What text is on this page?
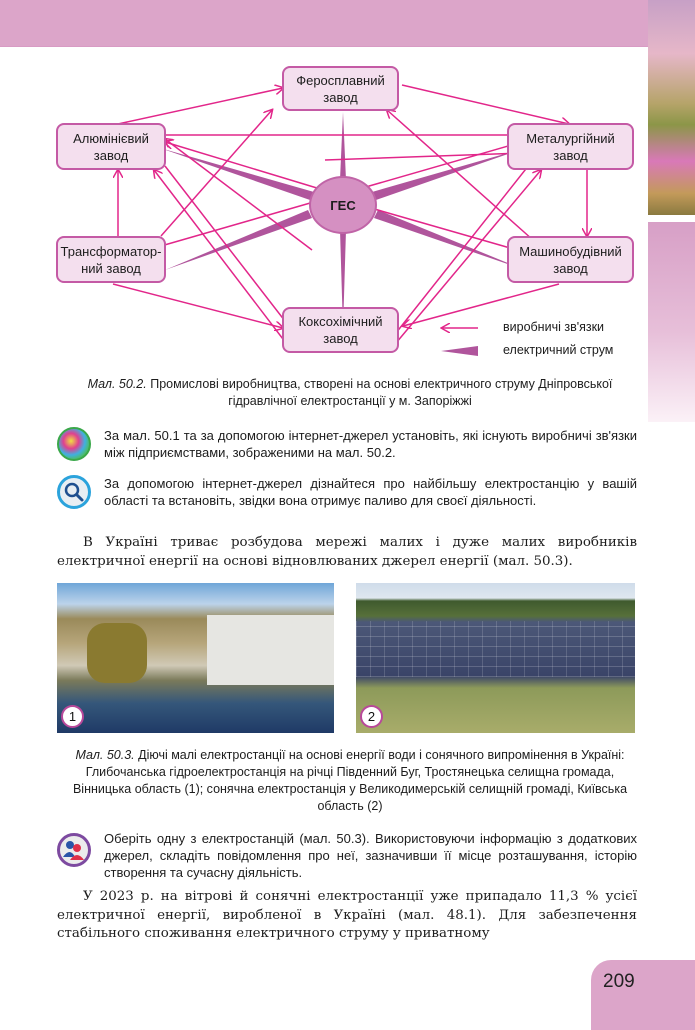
Феросплавний
завод
Алюмінієвий
завод
Металургійний
завод
Трансформатор-
ний завод
Машинобудівний
завод
Коксохімічний
завод
ГЕС
виробничі зв'язки
електричний струм
Мал. 50.2. Промислові виробництва, створені на основі електричного струму Дніпровської гідравлічної електростанції у м. Запоріжжі
За мал. 50.1 та за допомогою інтернет-джерел установіть, які існують виробничі зв'язки між підприємствами, зображеними на мал. 50.2.
За допомогою інтернет-джерел дізнайтеся про найбільшу електростанцію у вашій області та встановіть, звідки вона отримує паливо для своєї діяльності.
В Україні триває розбудова мережі малих і дуже малих виробників електричної енергії на основі відновлюваних джерел енергії (мал. 50.3).
1	2
Мал. 50.3. Діючі малі електростанції на основі енергії води і сонячного випромінення в Україні: Глибочанська гідроелектростанція на річці Південний Буг, Тростянецька селищна громада, Вінницька область (1); сонячна електростанція у Великодимерській селищній громаді, Київська область (2)
Оберіть одну з електростанцій (мал. 50.3). Використовуючи інформацію з додаткових джерел, складіть повідомлення про неї, зазначивши її місце розташування, історію створення та сучасну діяльність.
У 2023 р. на вітрові й сонячні електростанції уже припадало 11,3 % усієї електричної енергії, виробленої в Україні (мал. 48.1). Для забезпечення стабільного споживання електричного струму у приватному
209
